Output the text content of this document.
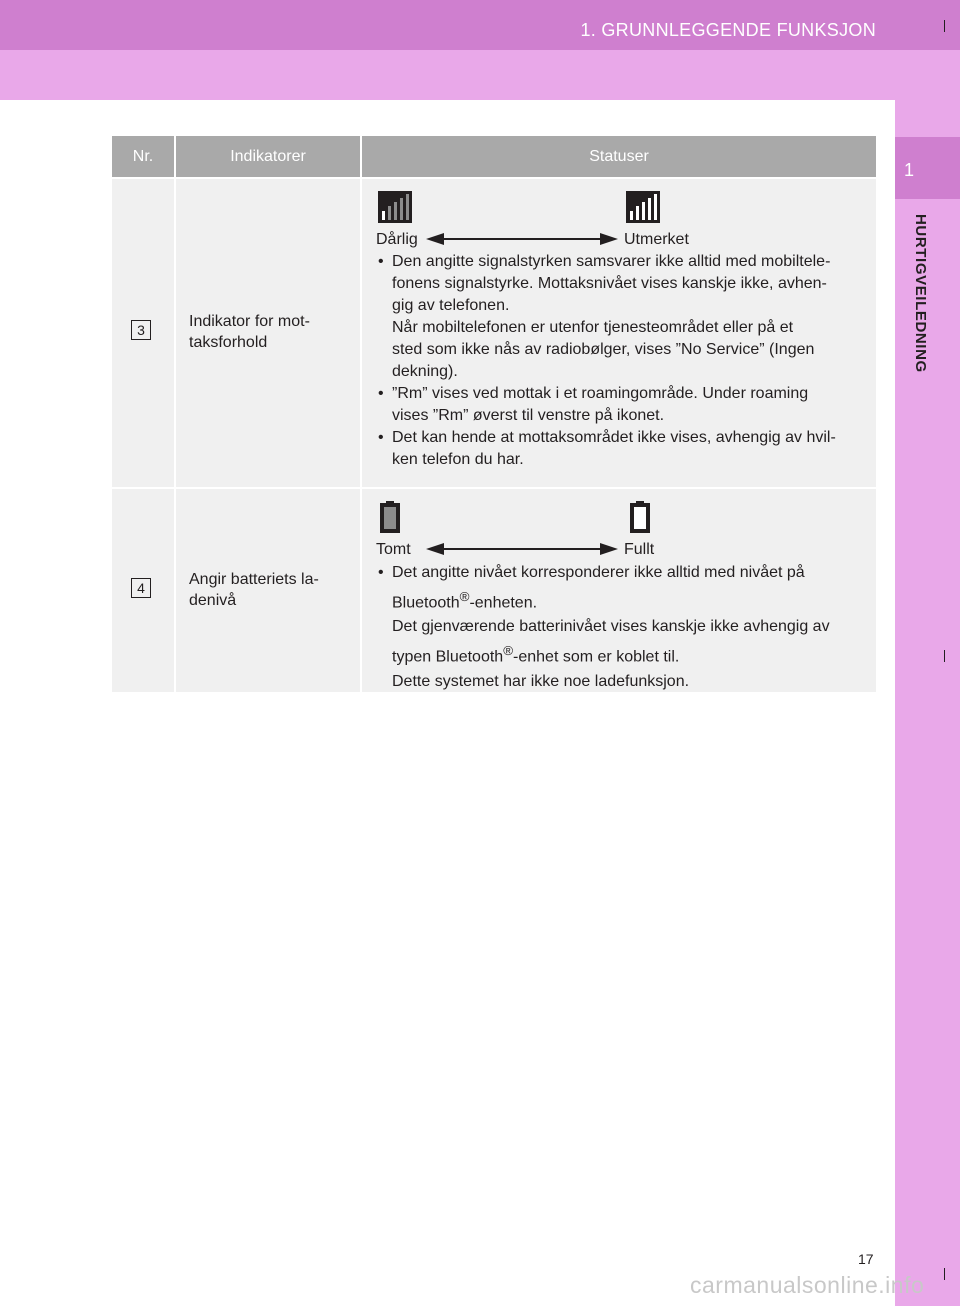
1. GRUNNLEGGENDE FUNKSJON
1
HURTIGVEILEDNING
Nr.	Indikatorer	Statuser
3	Indikator for mot-
taksforhold
Dårlig	Utmerket
• Den angitte signalstyrken samsvarer ikke alltid med mobiltele-
fonens signalstyrke. Mottaksnivået vises kanskje ikke, avhen-
gig av telefonen.
Når mobiltelefonen er utenfor tjenesteområdet eller på et
sted som ikke nås av radiobølger, vises ”No Service” (Ingen
dekning).
• ”Rm” vises ved mottak i et roamingområde. Under roaming
vises ”Rm” øverst til venstre på ikonet.
• Det kan hende at mottaksområdet ikke vises, avhengig av hvil-
ken telefon du har.
4	Angir batteriets la-
denivå
Tomt	Fullt
• Det angitte nivået korresponderer ikke alltid med nivået på
Bluetooth®-enheten.
Det gjenværende batterinivået vises kanskje ikke avhengig av
typen Bluetooth®-enhet som er koblet til.
Dette systemet har ikke noe ladefunksjon.
17
carmanualsonline.info
